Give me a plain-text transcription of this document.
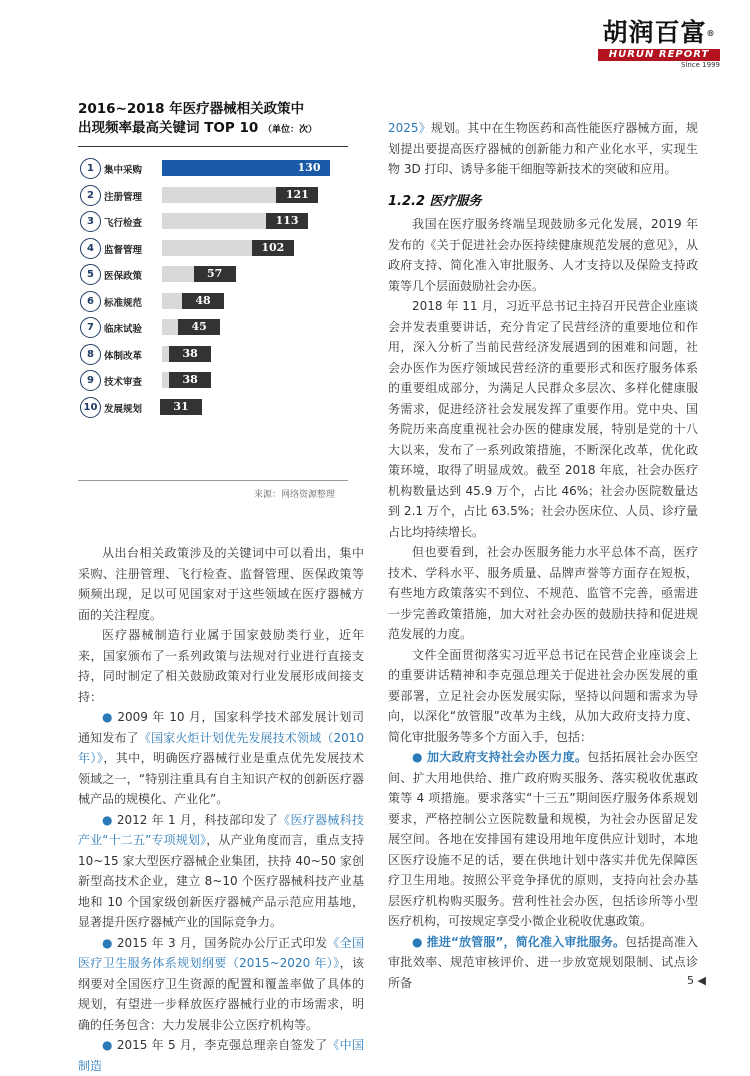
胡润百富®
HURUN REPORT
Since 1999
2016~2018 年医疗器械相关政策中
出现频率最高关键词 TOP 10 （单位：次）
1	集中采购	130
2	注册管理	121
3	飞行检查	113
4	监督管理	102
5	医保政策	57
6	标准规范	48
7	临床试验	45
8	体制改革	38
9	技术审查	38
10 发展规划	31
来源：网络资源整理

从出台相关政策涉及的关键词中可以看出，集中采购、注册管理、飞行检查、监督管理、医保政策等频频出现，足以可见国家对于这些领域在医疗器械方面的关注程度。

医疗器械制造行业属于国家鼓励类行业，近年来，国家颁布了一系列政策与法规对行业进行直接支持，同时制定了相关鼓励政策对行业发展形成间接支持：

● 2009 年 10 月，国家科学技术部发展计划司通知发布了《国家火炬计划优先发展技术领域（2010 年）》，其中，明确医疗器械行业是重点优先发展技术领域之一，“特别注重具有自主知识产权的创新医疗器械产品的规模化、产业化”。

● 2012 年 1 月，科技部印发了《医疗器械科技产业“十二五”专项规划》，从产业角度而言，重点支持 10~15 家大型医疗器械企业集团，扶持 40~50 家创新型高技术企业，建立 8~10 个医疗器械科技产业基地和 10 个国家级创新医疗器械产品示范应用基地，显著提升医疗器械产业的国际竞争力。

● 2015 年 3 月，国务院办公厅正式印发《全国医疗卫生服务体系规划纲要（2015~2020 年）》，该纲要对全国医疗卫生资源的配置和覆盖率做了具体的规划，有望进一步释放医疗器械行业的市场需求，明确的任务包含：大力发展非公立医疗机构等。

● 2015 年 5 月，李克强总理亲自签发了《中国制造

2025》规划。其中在生物医药和高性能医疗器械方面，规划提出要提高医疗器械的创新能力和产业化水平，实现生物 3D 打印、诱导多能干细胞等新技术的突破和应用。

1.2.2 医疗服务

我国在医疗服务终端呈现鼓励多元化发展，2019 年发布的《关于促进社会办医持续健康规范发展的意见》，从政府支持、简化准入审批服务、人才支持以及保险支持政策等几个层面鼓励社会办医。

2018 年 11 月，习近平总书记主持召开民营企业座谈会并发表重要讲话，充分肯定了民营经济的重要地位和作用，深入分析了当前民营经济发展遇到的困难和问题，社会办医作为医疗领域民营经济的重要形式和医疗服务体系的重要组成部分，为满足人民群众多层次、多样化健康服务需求，促进经济社会发展发挥了重要作用。党中央、国务院历来高度重视社会办医的健康发展，特别是党的十八大以来，发布了一系列政策措施，不断深化改革，优化政策环境，取得了明显成效。截至 2018 年底，社会办医疗机构数量达到 45.9 万个，占比 46%；社会办医院数量达到 2.1 万个，占比 63.5%；社会办医床位、人员、诊疗量占比均持续增长。

但也要看到，社会办医服务能力水平总体不高，医疗技术、学科水平、服务质量、品牌声誉等方面存在短板，有些地方政策落实不到位、不规范、监管不完善，亟需进一步完善政策措施，加大对社会办医的鼓励扶持和促进规范发展的力度。

文件全面贯彻落实习近平总书记在民营企业座谈会上的重要讲话精神和李克强总理关于促进社会办医发展的重要部署，立足社会办医发展实际，坚持以问题和需求为导向，以深化“放管服”改革为主线，从加大政府支持力度、简化审批服务等多个方面入手，包括：

● 加大政府支持社会办医力度。包括拓展社会办医空间、扩大用地供给、推广政府购买服务、落实税收优惠政策等 4 项措施。要求落实“十三五”期间医疗服务体系规划要求，严格控制公立医院数量和规模，为社会办医留足发展空间。各地在安排国有建设用地年度供应计划时，本地区医疗设施不足的话，要在供地计划中落实并优先保障医疗卫生用地。按照公平竞争择优的原则，支持向社会办基层医疗机构购买服务。营利性社会办医，包括诊所等小型医疗机构，可按规定享受小微企业税收优惠政策。

● 推进“放管服”，简化准入审批服务。包括提高准入审批效率、规范审核评价、进一步放宽规划限制、试点诊所备	5 ◀
